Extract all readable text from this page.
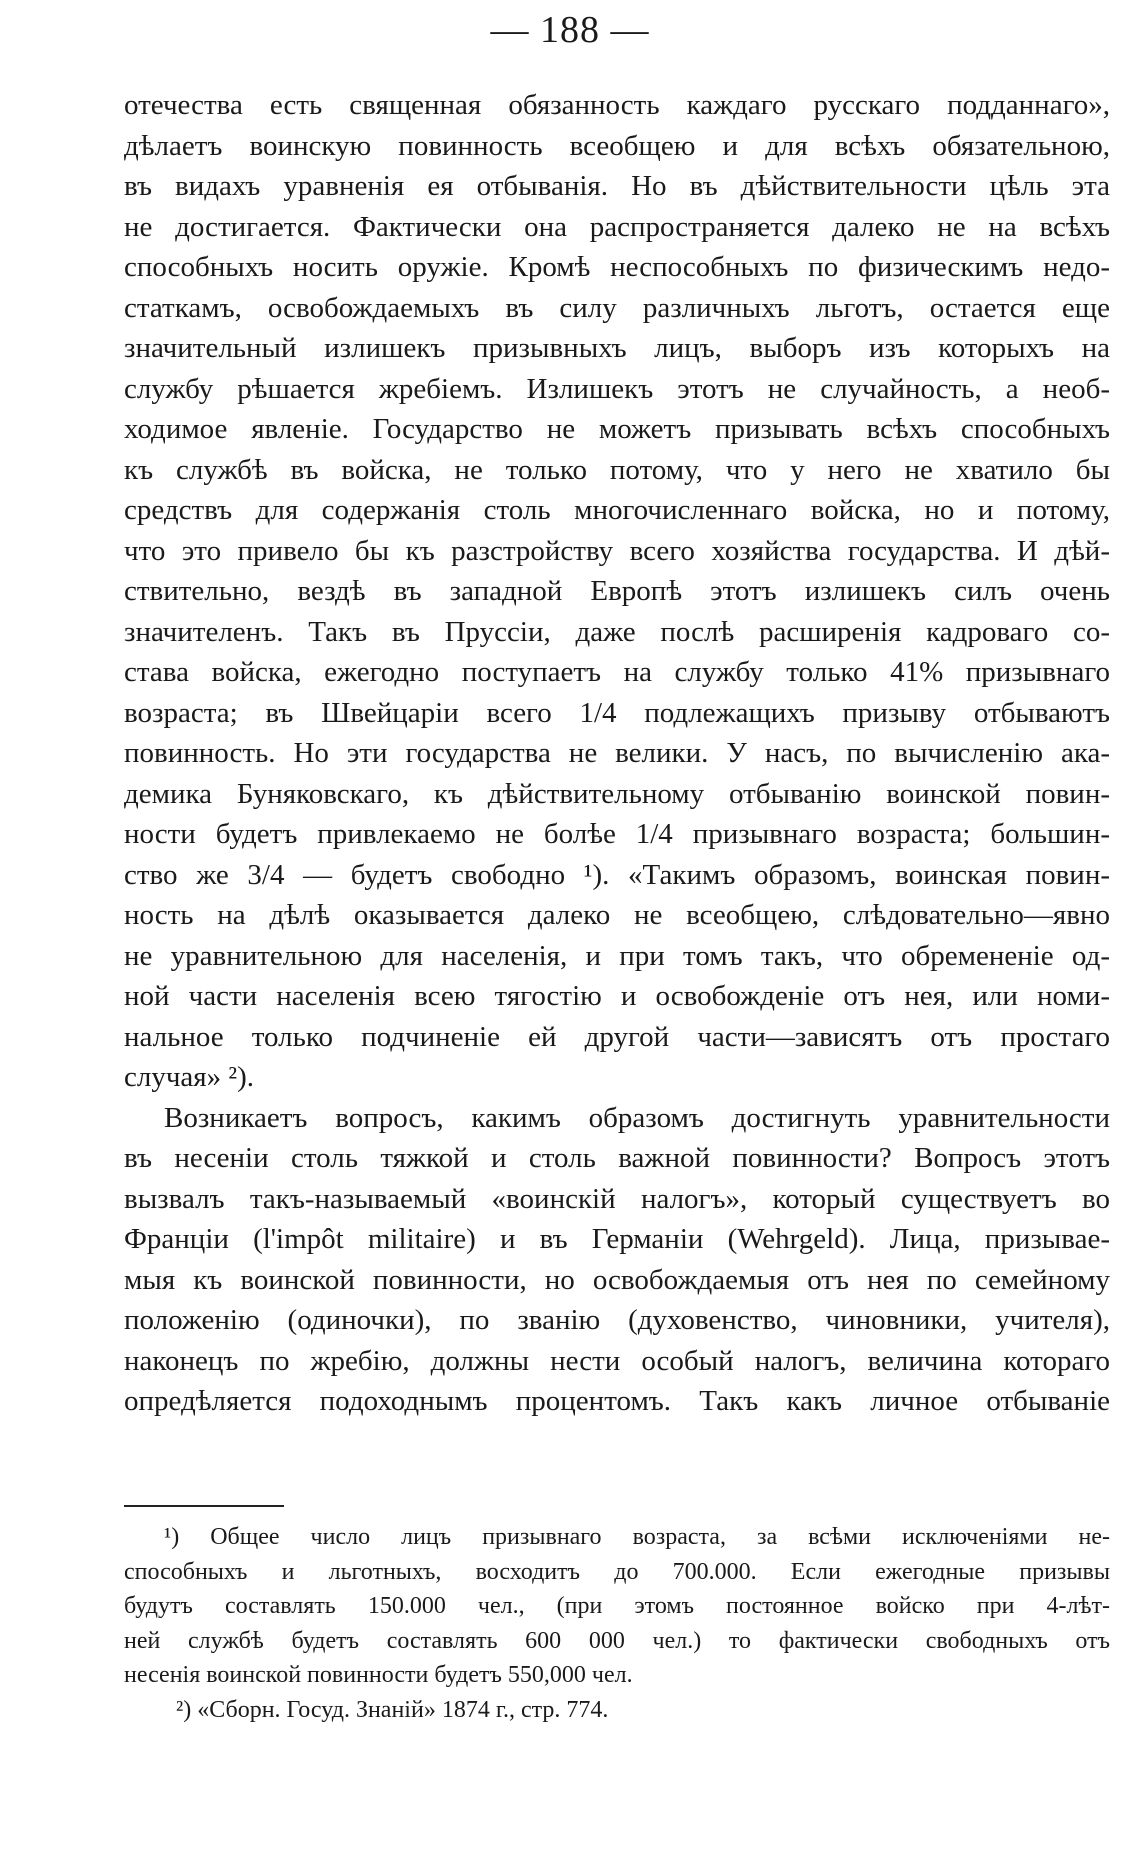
— 188 —
отечества есть священная обязанность каждаго русскаго подданнаго»,
дѣлаетъ воинскую повинность всеобщею и для всѣхъ обязательною,
въ видахъ уравненія ея отбыванія. Но въ дѣйствительности цѣль эта
не достигается. Фактически она распространяется далеко не на всѣхъ
способныхъ носить оружіе. Кромѣ неспособныхъ по физическимъ недо-
статкамъ, освобождаемыхъ въ силу различныхъ льготъ, остается еще
значительный излишекъ призывныхъ лицъ, выборъ изъ которыхъ на
службу рѣшается жребіемъ. Излишекъ этотъ не случайность, а необ-
ходимое явленіе. Государство не можетъ призывать всѣхъ способныхъ
къ службѣ въ войска, не только потому, что у него не хватило бы
средствъ для содержанія столь многочисленнаго войска, но и потому,
что это привело бы къ разстройству всего хозяйства государства. И дѣй-
ствительно, вездѣ въ западной Европѣ этотъ излишекъ силъ очень
значителенъ. Такъ въ Пруссіи, даже послѣ расширенія кадроваго со-
става войска, ежегодно поступаетъ на службу только 41% призывнаго
возраста; въ Швейцаріи всего 1/4 подлежащихъ призыву отбываютъ
повинность. Но эти государства не велики. У насъ, по вычисленію ака-
демика Буняковскаго, къ дѣйствительному отбыванію воинской повин-
ности будетъ привлекаемо не болѣе 1/4 призывнаго возраста; большин-
ство же 3/4 — будетъ свободно ¹). «Такимъ образомъ, воинская повин-
ность на дѣлѣ оказывается далеко не всеобщею, слѣдовательно—явно
не уравнительною для населенія, и при томъ такъ, что обремененіе од-
ной части населенія всею тягостію и освобожденіе отъ нея, или номи-
нальное только подчиненіе ей другой части—зависятъ отъ простаго
случая» ²).
Возникаетъ вопросъ, какимъ образомъ достигнуть уравнительности
въ несеніи столь тяжкой и столь важной повинности? Вопросъ этотъ
вызвалъ такъ-называемый «воинскій налогъ», который существуетъ во
Франціи (l'impôt militaire) и въ Германіи (Wehrgeld). Лица, призывае-
мыя къ воинской повинности, но освобождаемыя отъ нея по семейному
положенію (одиночки), по званію (духовенство, чиновники, учителя),
наконецъ по жребію, должны нести особый налогъ, величина котораго
опредѣляется подоходнымъ процентомъ. Такъ какъ личное отбываніе
¹) Общее число лицъ призывнаго возраста, за всѣми исключеніями не-
способныхъ и льготныхъ, восходитъ до 700.000. Если ежегодные призывы
будутъ составлять 150.000 чел., (при этомъ постоянное войско при 4-лѣт-
ней службѣ будетъ составлять 600 000 чел.) то фактически свободныхъ отъ
несенія воинской повинности будетъ 550,000 чел.
²) «Сборн. Госуд. Знаній» 1874 г., стр. 774.
